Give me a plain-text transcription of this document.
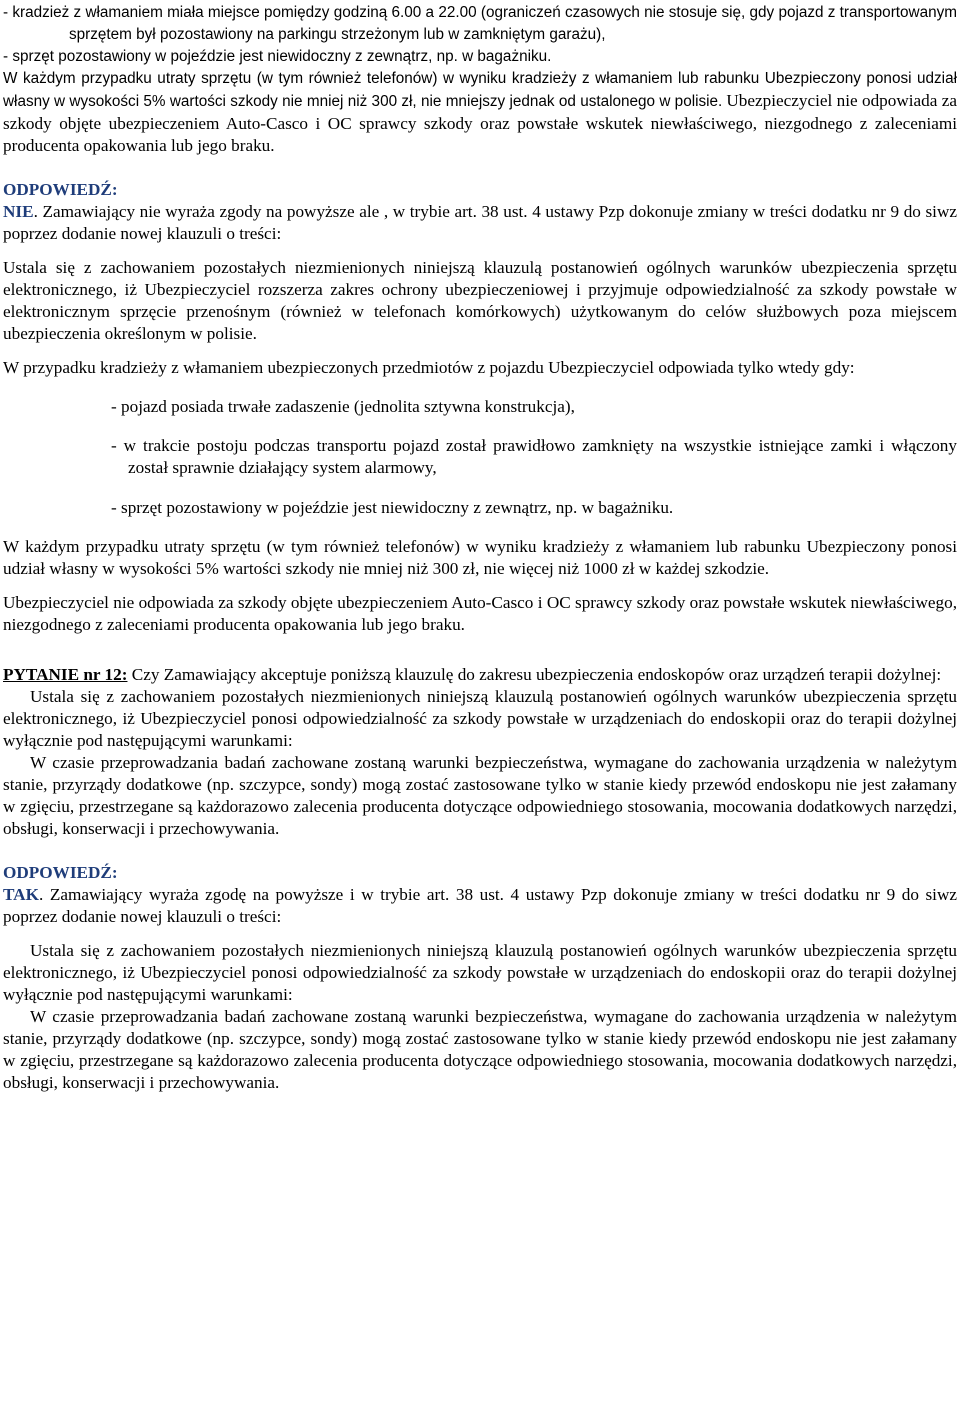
- kradzież z włamaniem miała miejsce pomiędzy godziną 6.00 a 22.00 (ograniczeń czasowych nie stosuje się, gdy pojazd z transportowanym sprzętem był pozostawiony na parkingu strzeżonym lub w zamkniętym garażu),

- sprzęt pozostawiony w pojeździe jest niewidoczny z zewnątrz, np. w bagażniku.

W każdym przypadku utraty sprzętu (w tym również telefonów) w wyniku kradzieży z włamaniem lub rabunku Ubezpieczony ponosi udział własny w wysokości 5% wartości szkody nie mniej niż 300 zł, nie mniejszy jednak od ustalonego w polisie. Ubezpieczyciel nie odpowiada za szkody objęte ubezpieczeniem Auto-Casco i OC sprawcy szkody oraz powstałe wskutek niewłaściwego, niezgodnego z zaleceniami producenta opakowania lub jego braku.

ODPOWIEDŹ:

NIE. Zamawiający nie wyraża zgody na powyższe ale , w trybie art. 38 ust. 4 ustawy Pzp dokonuje zmiany w treści dodatku nr 9 do siwz poprzez dodanie nowej klauzuli o treści:

Ustala się z zachowaniem pozostałych niezmienionych niniejszą klauzulą postanowień ogólnych warunków ubezpieczenia sprzętu elektronicznego, iż Ubezpieczyciel rozszerza zakres ochrony ubezpieczeniowej i przyjmuje odpowiedzialność za szkody powstałe w elektronicznym sprzęcie przenośnym (również w telefonach komórkowych) użytkowanym do celów służbowych poza miejscem ubezpieczenia określonym w polisie.

W przypadku kradzieży z włamaniem ubezpieczonych przedmiotów z pojazdu Ubezpieczyciel odpowiada tylko wtedy gdy:

- pojazd posiada trwałe zadaszenie (jednolita sztywna konstrukcja),

- w trakcie postoju podczas transportu pojazd został prawidłowo zamknięty na wszystkie istniejące zamki i włączony został sprawnie działający system alarmowy,

- sprzęt pozostawiony w pojeździe jest niewidoczny z zewnątrz, np. w bagażniku.

W każdym przypadku utraty sprzętu (w tym również telefonów) w wyniku kradzieży z włamaniem lub rabunku Ubezpieczony ponosi udział własny w wysokości 5% wartości szkody nie mniej niż 300 zł, nie więcej niż 1000 zł w każdej szkodzie.

Ubezpieczyciel nie odpowiada za szkody objęte ubezpieczeniem Auto-Casco i OC sprawcy szkody oraz powstałe wskutek niewłaściwego, niezgodnego z zaleceniami producenta opakowania lub jego braku.

PYTANIE nr 12: Czy Zamawiający akceptuje poniższą klauzulę do zakresu ubezpieczenia endoskopów oraz urządzeń terapii dożylnej:

Ustala się z zachowaniem pozostałych niezmienionych niniejszą klauzulą postanowień ogólnych warunków ubezpieczenia sprzętu elektronicznego, iż Ubezpieczyciel ponosi odpowiedzialność za szkody powstałe w urządzeniach do endoskopii oraz do terapii dożylnej wyłącznie pod następującymi warunkami:

W czasie przeprowadzania badań zachowane zostaną warunki bezpieczeństwa, wymagane do zachowania urządzenia w należytym stanie, przyrządy dodatkowe (np. szczypce, sondy) mogą zostać zastosowane tylko w stanie kiedy przewód endoskopu nie jest załamany w zgięciu, przestrzegane są każdorazowo zalecenia producenta dotyczące odpowiedniego stosowania, mocowania dodatkowych narzędzi, obsługi, konserwacji i przechowywania.

ODPOWIEDŹ:

TAK. Zamawiający wyraża zgodę na powyższe i w trybie art. 38 ust. 4 ustawy Pzp dokonuje zmiany w treści dodatku nr 9 do siwz poprzez dodanie nowej klauzuli o treści:

Ustala się z zachowaniem pozostałych niezmienionych niniejszą klauzulą postanowień ogólnych warunków ubezpieczenia sprzętu elektronicznego, iż Ubezpieczyciel ponosi odpowiedzialność za szkody powstałe w urządzeniach do endoskopii oraz do terapii dożylnej wyłącznie pod następującymi warunkami:

W czasie przeprowadzania badań zachowane zostaną warunki bezpieczeństwa, wymagane do zachowania urządzenia w należytym stanie, przyrządy dodatkowe (np. szczypce, sondy) mogą zostać zastosowane tylko w stanie kiedy przewód endoskopu nie jest załamany w zgięciu, przestrzegane są każdorazowo zalecenia producenta dotyczące odpowiedniego stosowania, mocowania dodatkowych narzędzi, obsługi, konserwacji i przechowywania.
